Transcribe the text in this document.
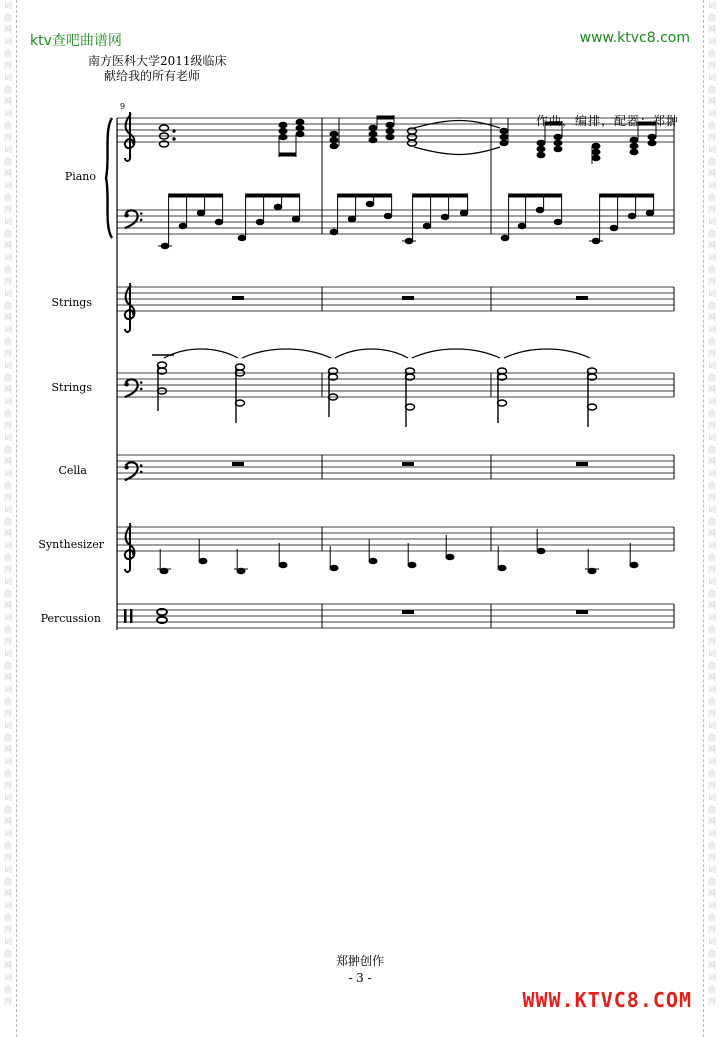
词
曲
网
词
曲
网
词
曲
网
词
曲
网
词
曲
网
词
曲
网
词
曲
网
词
曲
网
词
曲
网
词
曲
网
词
曲
网
词
曲
网
词
曲
网
词
曲
网
词
曲
网
词
曲
网
词
曲
网
词
曲
网
词
曲
网
词
曲
网
词
曲
网
词
曲
网
词
曲
网
词
曲
网
词
曲
网
词
曲
网
词
曲
网
词
曲
网

词
曲
网
词
曲
网
词
曲
网
词
曲
网
词
曲
网
词
曲
网
词
曲
网
词
曲
网
词
曲
网
词
曲
网
词
曲
网
词
曲
网
词
曲
网
词
曲
网
词
曲
网
词
曲
网
词
曲
网
词
曲
网
词
曲
网
词
曲
网
词
曲
网
词
曲
网
词
曲
网
词
曲
网
词
曲
网
词
曲
网
词
曲
网
词
曲
网

ktv查吧曲谱网	www.ktvc8.com
南方医科大学2011级临床
献给我的所有老师
9
Piano
Strings
Strings
Cella
Synthesizer
Percussion
作曲，编排，配器：郑翀
郑翀创作
- 3 -
WWW.KTVC8.COM
